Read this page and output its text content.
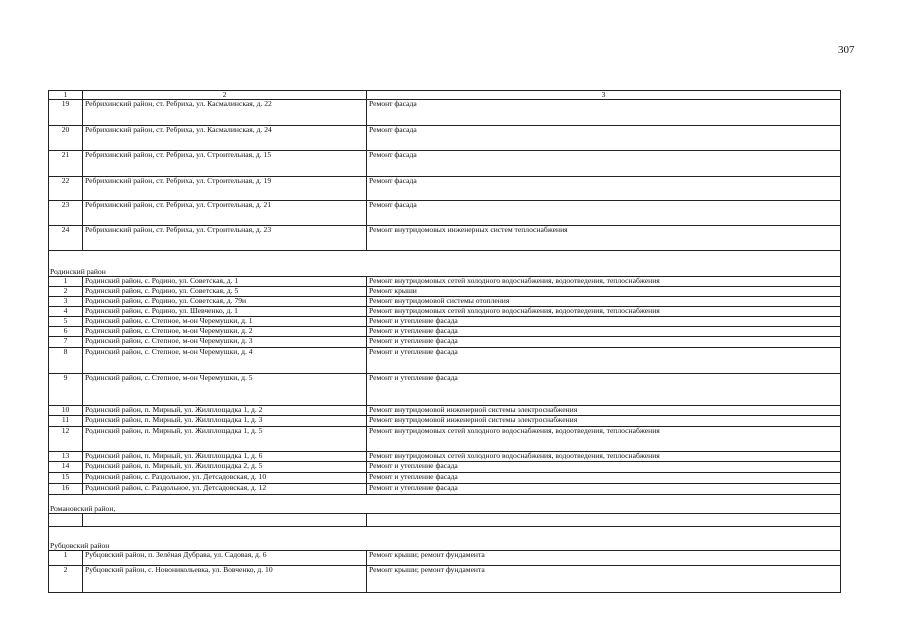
307
1	2	3
19	Ребрихинский район, ст. Ребриха, ул. Касмалинская, д. 22	Ремонт фасада
20	Ребрихинский район, ст. Ребриха, ул. Касмалинская, д. 24	Ремонт фасада
21	Ребрихинский район, ст. Ребриха, ул. Строительная, д. 15	Ремонт фасада
22	Ребрихинский район, ст. Ребриха, ул. Строительная, д. 19	Ремонт фасада
23	Ребрихинский район, ст. Ребриха, ул. Строительная, д. 21	Ремонт фасада
24	Ребрихинский район, ст. Ребриха, ул. Строительная, д. 23	Ремонт внутридомовых инженерных систем теплоснабжения
Родинский район		
1	Родинский район, с. Родино, ул. Советская, д. 1	Ремонт внутридомовых сетей холодного водоснабжения, водоотведения, теплоснабжения
2	Родинский район, с. Родино, ул. Советская, д. 5	Ремонт крыши
3	Родинский район, с. Родино, ул. Советская, д. 79и	Ремонт внутридомовой системы отопления
4	Родинский район, с. Родино, ул. Шевченко, д. 1	Ремонт внутридомовых сетей холодного водоснабжения, водоотведения, теплоснабжения
5	Родинский район, с. Степное, м-он Черемушки, д. 1	Ремонт и утепление фасада
6	Родинский район, с. Степное, м-он Черемушки, д. 2	Ремонт и утепление фасада
7	Родинский район, с. Степное, м-он Черемушки, д. 3	Ремонт и утепление фасада
8	Родинский район, с. Степное, м-он Черемушки, д. 4	Ремонт и утепление фасада
9	Родинский район, с. Степное, м-он Черемушки, д. 5	Ремонт и утепление фасада
10	Родинский район, п. Мирный, ул. Жилплощадка 1, д. 2	Ремонт внутридомовой инженерной системы электроснабжения
11	Родинский район, п. Мирный, ул. Жилплощадка 1, д. 3	Ремонт внутридомовой инженерной системы электроснабжения
12	Родинский район, п. Мирный, ул. Жилплощадка 1, д. 5	Ремонт внутридомовых сетей холодного водоснабжения, водоотведения, теплоснабжения
13	Родинский район, п. Мирный, ул. Жилплощадка 1, д. 6	Ремонт внутридомовых сетей холодного водоснабжения, водоотведения, теплоснабжения
14	Родинский район, п. Мирный, ул. Жилплощадка 2, д. 5	Ремонт и утепление фасада
15	Родинский район, с. Раздольное, ул. Детсадовская, д. 10	Ремонт и утепление фасада
16	Родинский район, с. Раздольное, ул. Детсадовская, д. 12	Ремонт и утепление фасада
Романовский район,		

Рубцовский район		
1	Рубцовский район, п. Зелёная Дубрава, ул. Садовая, д. 6	Ремонт крыши; ремонт фундамента
2	Рубцовский район, с. Новоникольевка, ул. Вовченко, д. 10	Ремонт крыши; ремонт фундамента
